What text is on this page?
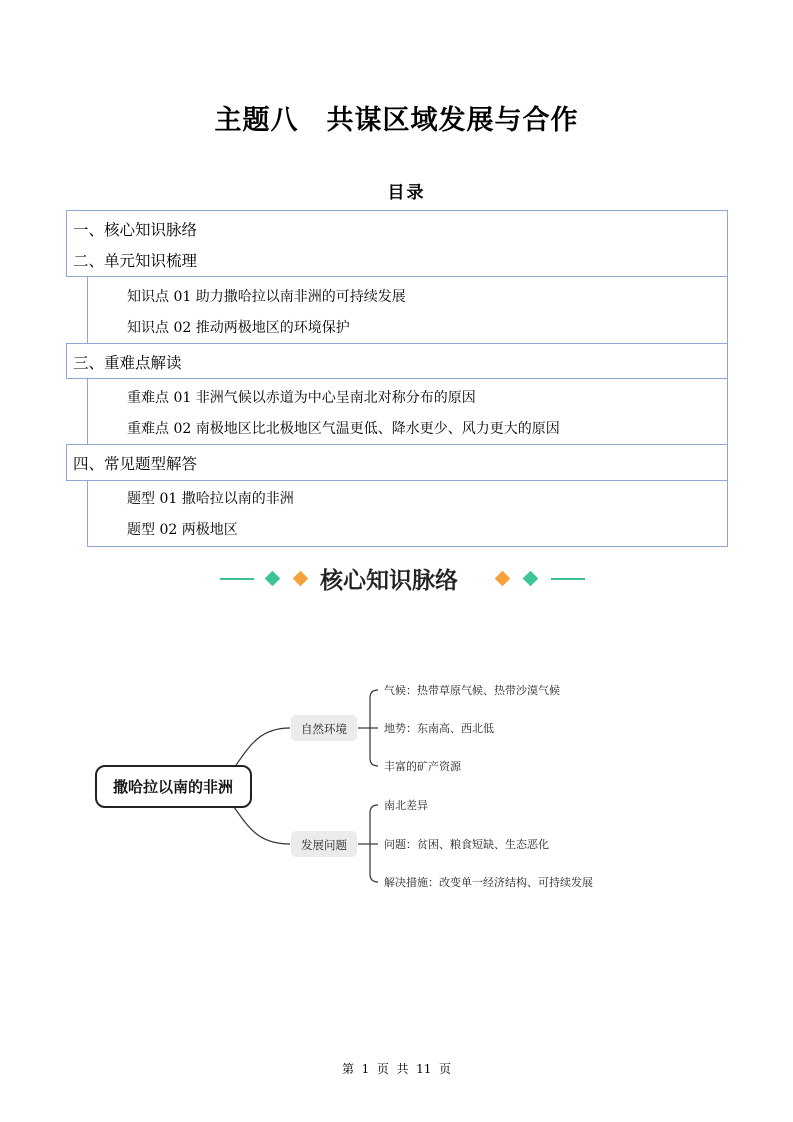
主题八　共谋区域发展与合作
目录
一、核心知识脉络
二、单元知识梳理
知识点 01 助力撒哈拉以南非洲的可持续发展
知识点 02 推动两极地区的环境保护
三、重难点解读
重难点 01 非洲气候以赤道为中心呈南北对称分布的原因
重难点 02 南极地区比北极地区气温更低、降水更少、风力更大的原因
四、常见题型解答
题型 01 撒哈拉以南的非洲
题型 02 两极地区
核心知识脉络
撒哈拉以南的非洲
自然环境
发展问题
气候：热带草原气候、热带沙漠气候
地势：东南高、西北低
丰富的矿产资源
南北差异
问题：贫困、粮食短缺、生态恶化
解决措施：改变单一经济结构、可持续发展
第  1  页  共  11  页
